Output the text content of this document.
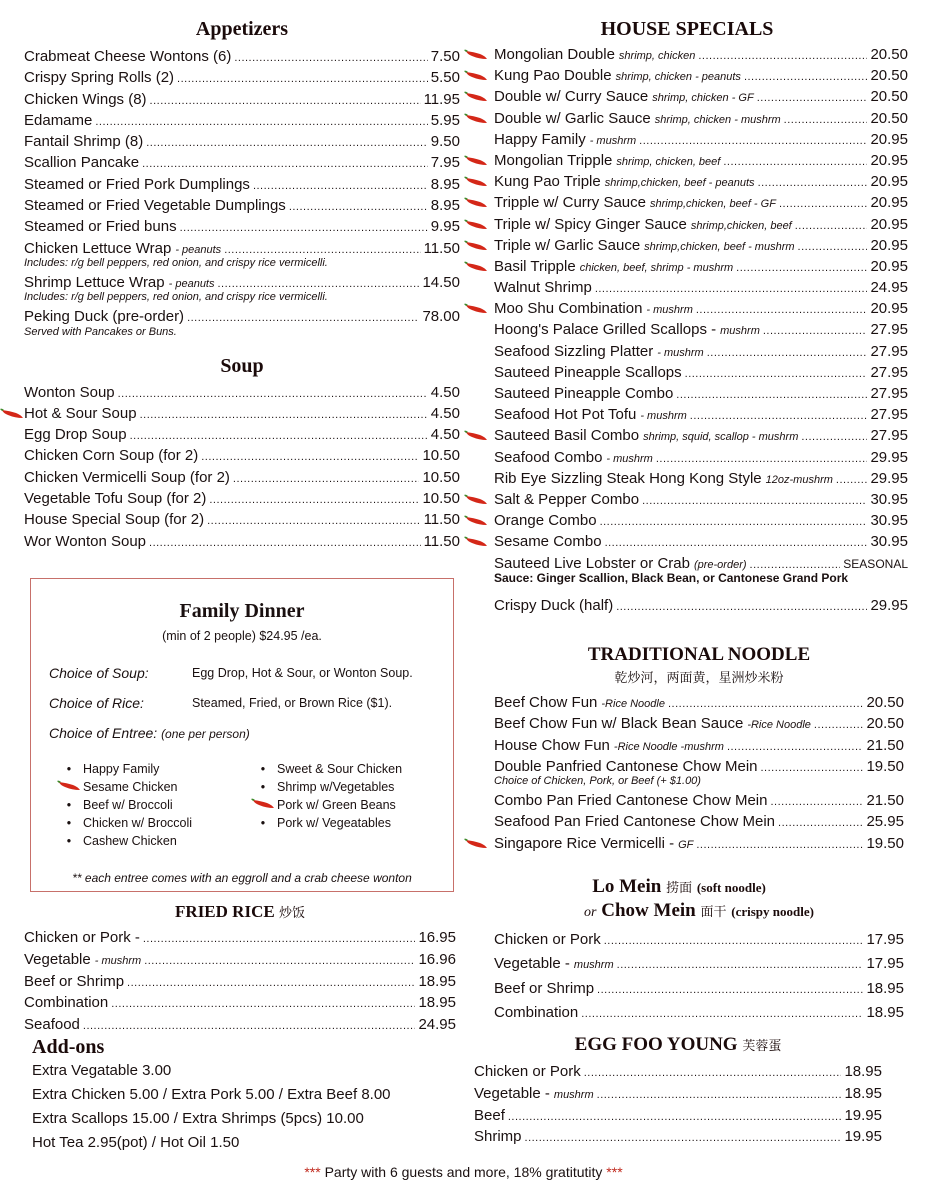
Appetizers
Crabmeat Cheese Wontons (6) .....	7.50
Crispy Spring Rolls (2) .....	5.50
Chicken Wings (8) .....	11.95
Edamame .....	5.95
Fantail Shrimp (8) .....	9.50
Scallion Pancake .....	7.95
Steamed or Fried Pork Dumplings .....	8.95
Steamed or Fried Vegetable Dumplings .....	8.95
Steamed or Fried buns .....	9.95
Chicken Lettuce Wrap - peanuts .....	11.50
Includes: r/g bell peppers, red onion, and crispy rice vermicelli.
Shrimp Lettuce Wrap - peanuts .....	14.50
Includes: r/g bell peppers, red onion, and crispy rice vermicelli.
Peking Duck (pre-order) .....	78.00
Served with Pancakes or Buns.
Soup
Wonton Soup .....	4.50
Hot & Sour Soup .....	4.50
Egg Drop Soup .....	4.50
Chicken Corn Soup (for 2) .....	10.50
Chicken Vermicelli Soup (for 2) .....	10.50
Vegetable Tofu Soup (for 2) .....	10.50
House Special Soup (for 2) .....	11.50
Wor Wonton Soup .....	11.50
Family Dinner
(min of 2 people) $24.95 /ea.
Choice of Soup:	Egg Drop, Hot & Sour, or Wonton Soup.
Choice of Rice:	Steamed, Fried, or Brown Rice ($1).
Choice of Entree: (one per person)
** each entree comes with an eggroll and a crab cheese wonton
• Happy Family
Sesame Chicken
• Beef w/ Broccoli
• Chicken w/ Broccoli
• Cashew Chicken
• Sweet & Sour Chicken
• Shrimp w/Vegetables
Pork w/ Green Beans
• Pork w/ Vegeatables
FRIED RICE 炒饭
Chicken or Pork - .....	16.95
Vegetable - mushrm .....	16.96
Beef or Shrimp .....	18.95
Combination .....	18.95
Seafood .....	24.95
Add-ons
Extra Vegatable 3.00
Extra Chicken 5.00 / Extra Pork 5.00 / Extra Beef 8.00
Extra Scallops 15.00 / Extra Shrimps (5pcs) 10.00
Hot Tea 2.95(pot) / Hot Oil 1.50
HOUSE SPECIALS
Mongolian Double shrimp, chicken .....	20.50
Kung Pao Double shrimp, chicken - peanuts .....	20.50
Double w/ Curry Sauce shrimp, chicken - GF .....	20.50
Double w/ Garlic Sauce shrimp, chicken - mushrm .....	20.50
Happy Family - mushrm .....	20.95
Mongolian Tripple shrimp, chicken, beef .....	20.95
Kung Pao Triple shrimp,chicken, beef - peanuts .....	20.95
Tripple w/ Curry Sauce shrimp,chicken, beef - GF .....	20.95
Triple w/ Spicy Ginger Sauce shrimp,chicken, beef .....	20.95
Triple w/ Garlic Sauce shrimp,chicken, beef - mushrm .....	20.95
Basil Tripple chicken, beef, shrimp - mushrm .....	20.95
Walnut Shrimp .....	24.95
Moo Shu Combination - mushrm .....	20.95
Hoong's Palace Grilled Scallops - mushrm .....	27.95
Seafood Sizzling Platter - mushrm .....	27.95
Sauteed Pineapple Scallops .....	27.95
Sauteed Pineapple Combo .....	27.95
Seafood Hot Pot Tofu - mushrm .....	27.95
Sauteed Basil Combo shrimp, squid, scallop - mushrm .....	27.95
Seafood Combo - mushrm .....	29.95
Rib Eye Sizzling Steak Hong Kong Style 12oz-mushrm .....	29.95
Salt & Pepper Combo .....	30.95
Orange Combo .....	30.95
Sesame Combo .....	30.95
Sauteed Live Lobster or Crab (pre-order) .....	SEASONAL
Sauce: Ginger Scallion, Black Bean, or Cantonese Grand Pork
Crispy Duck (half) .....	29.95
TRADITIONAL NOODLE
乾炒河，两面黄，星洲炒米粉
Beef Chow Fun -Rice Noodle .....	20.50
Beef Chow Fun w/ Black Bean Sauce -Rice Noodle .....	20.50
House Chow Fun -Rice Noodle -mushrm .....	21.50
Double Panfried Cantonese Chow Mein .....	19.50
Choice of Chicken, Pork, or Beef (+ $1.00)
Combo Pan Fried Cantonese Chow Mein .....	21.50
Seafood Pan Fried Cantonese Chow Mein .....	25.95
Singapore Rice Vermicelli - GF .....	19.50
Lo Mein 捞面 (soft noodle)
or Chow Mein 面干 (crispy noodle)
Chicken or Pork .....	17.95
Vegetable - mushrm .....	17.95
Beef or Shrimp .....	18.95
Combination .....	18.95
EGG FOO YOUNG 芙蓉蛋
Chicken or Pork .....	18.95
Vegetable - mushrm .....	18.95
Beef .....	19.95
Shrimp .....	19.95
*** Party with 6 guests and more, 18% gratitutity ***
